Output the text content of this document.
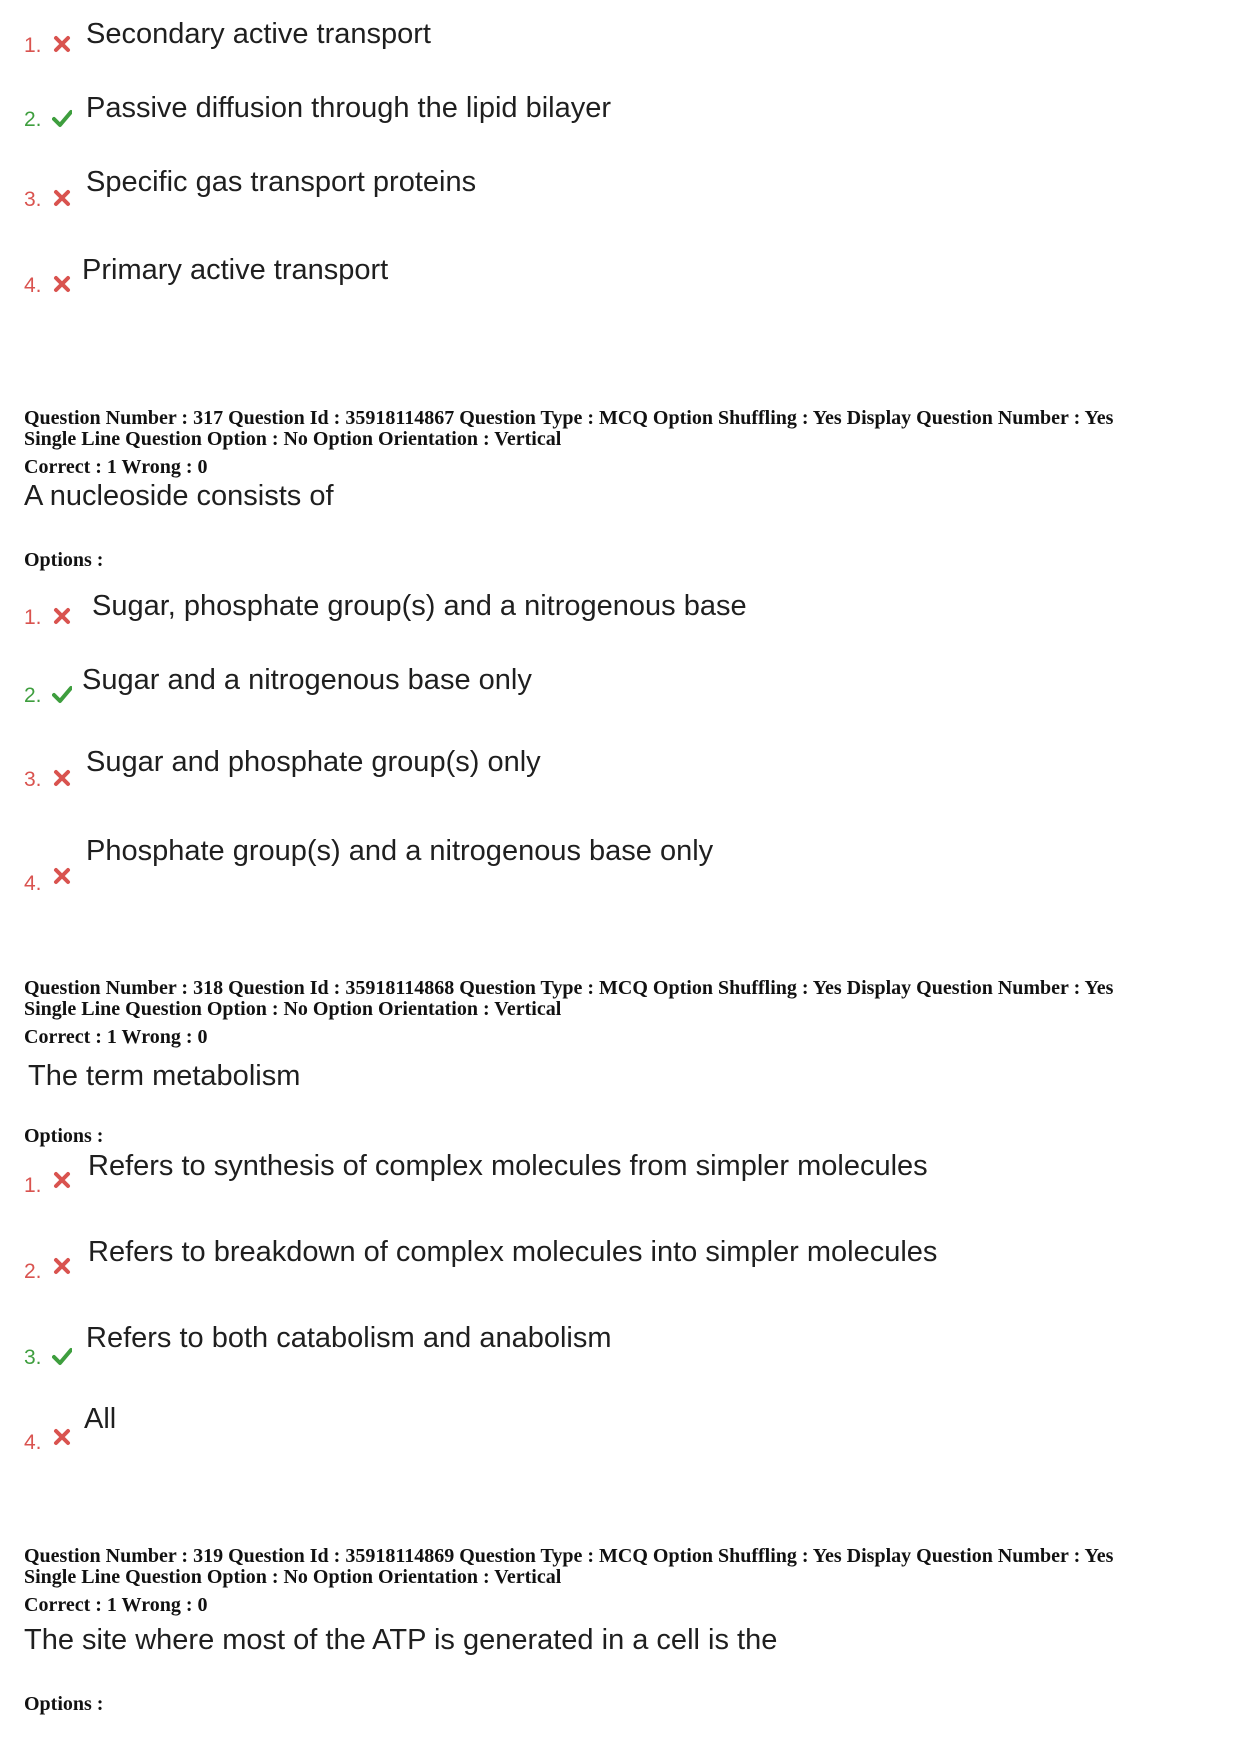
1. Secondary active transport
2. Passive diffusion through the lipid bilayer
3.
Specific gas transport proteins
4. Primary active transport
Question Number : 317 Question Id : 35918114867 Question Type : MCQ Option Shuffling : Yes Display Question Number : Yes
Single Line Question Option : No Option Orientation : Vertical
Correct : 1 Wrong : 0
A nucleoside consists of
Options :
1. Sugar, phosphate group(s) and a nitrogenous base
2. Sugar and a nitrogenous base only
3.
Sugar and phosphate group(s) only
4.
Phosphate group(s) and a nitrogenous base only
Question Number : 318 Question Id : 35918114868 Question Type : MCQ Option Shuffling : Yes Display Question Number : Yes
Single Line Question Option : No Option Orientation : Vertical
Correct : 1 Wrong : 0
The term metabolism
Options :
1.
Refers to synthesis of complex molecules from simpler molecules
2.
Refers to breakdown of complex molecules into simpler molecules
3.
Refers to both catabolism and anabolism
4.
All
Question Number : 319 Question Id : 35918114869 Question Type : MCQ Option Shuffling : Yes Display Question Number : Yes
Single Line Question Option : No Option Orientation : Vertical
Correct : 1 Wrong : 0
The site where most of the ATP is generated in a cell is the
Options :
